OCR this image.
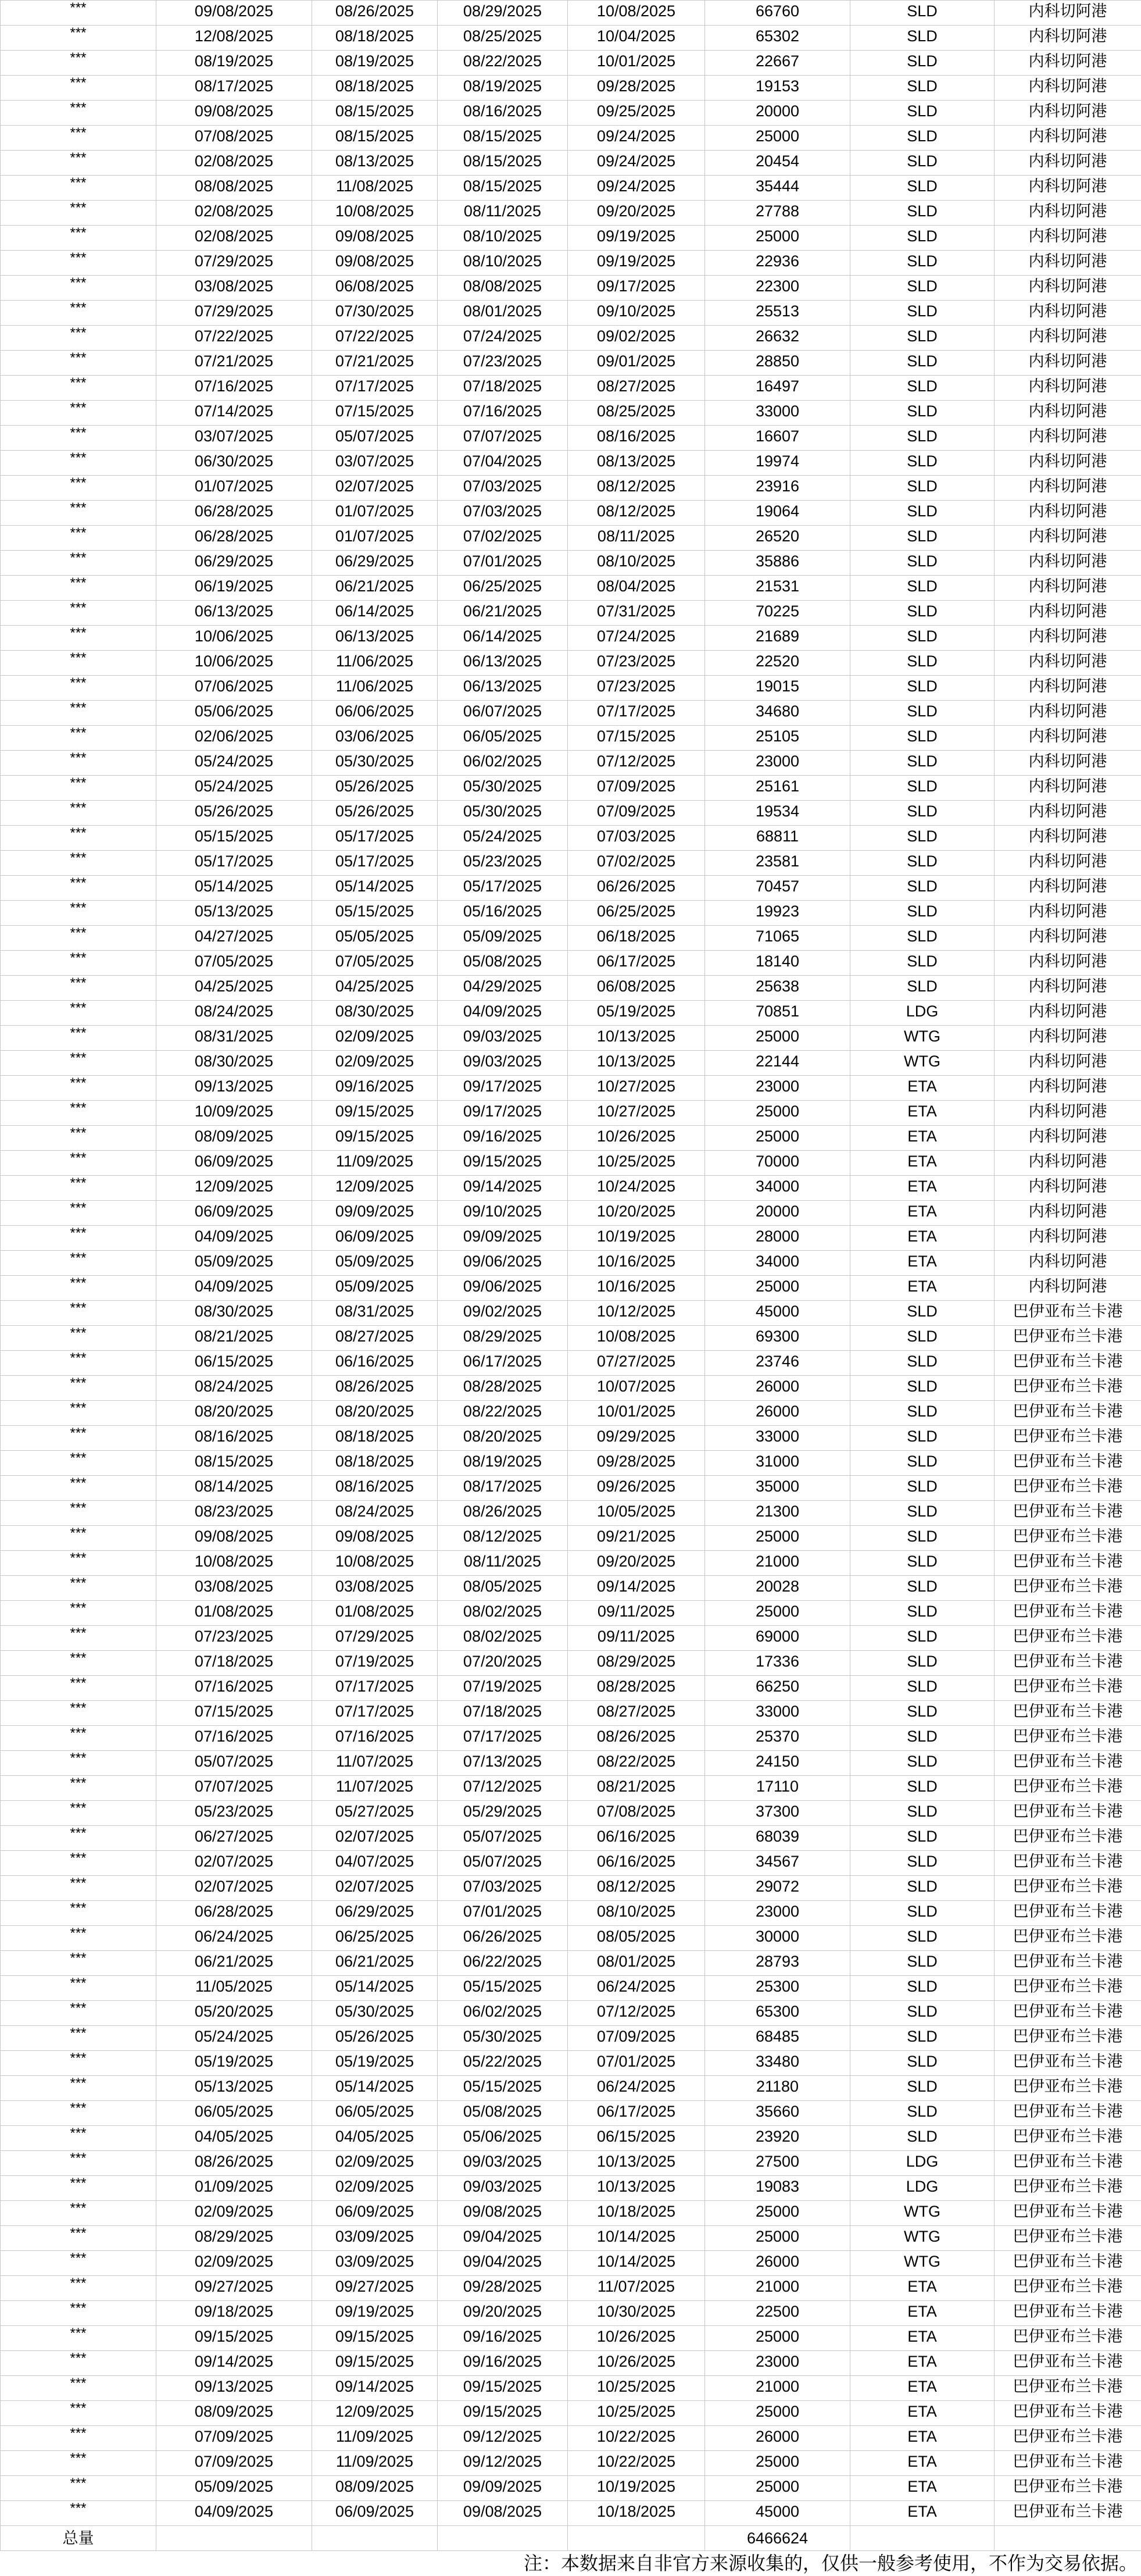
***	09/08/2025	08/26/2025	08/29/2025	10/08/2025	66760	SLD	内科切阿港
***	12/08/2025	08/18/2025	08/25/2025	10/04/2025	65302	SLD	内科切阿港
***	08/19/2025	08/19/2025	08/22/2025	10/01/2025	22667	SLD	内科切阿港
***	08/17/2025	08/18/2025	08/19/2025	09/28/2025	19153	SLD	内科切阿港
***	09/08/2025	08/15/2025	08/16/2025	09/25/2025	20000	SLD	内科切阿港
***	07/08/2025	08/15/2025	08/15/2025	09/24/2025	25000	SLD	内科切阿港
***	02/08/2025	08/13/2025	08/15/2025	09/24/2025	20454	SLD	内科切阿港
***	08/08/2025	11/08/2025	08/15/2025	09/24/2025	35444	SLD	内科切阿港
***	02/08/2025	10/08/2025	08/11/2025	09/20/2025	27788	SLD	内科切阿港
***	02/08/2025	09/08/2025	08/10/2025	09/19/2025	25000	SLD	内科切阿港
***	07/29/2025	09/08/2025	08/10/2025	09/19/2025	22936	SLD	内科切阿港
***	03/08/2025	06/08/2025	08/08/2025	09/17/2025	22300	SLD	内科切阿港
***	07/29/2025	07/30/2025	08/01/2025	09/10/2025	25513	SLD	内科切阿港
***	07/22/2025	07/22/2025	07/24/2025	09/02/2025	26632	SLD	内科切阿港
***	07/21/2025	07/21/2025	07/23/2025	09/01/2025	28850	SLD	内科切阿港
***	07/16/2025	07/17/2025	07/18/2025	08/27/2025	16497	SLD	内科切阿港
***	07/14/2025	07/15/2025	07/16/2025	08/25/2025	33000	SLD	内科切阿港
***	03/07/2025	05/07/2025	07/07/2025	08/16/2025	16607	SLD	内科切阿港
***	06/30/2025	03/07/2025	07/04/2025	08/13/2025	19974	SLD	内科切阿港
***	01/07/2025	02/07/2025	07/03/2025	08/12/2025	23916	SLD	内科切阿港
***	06/28/2025	01/07/2025	07/03/2025	08/12/2025	19064	SLD	内科切阿港
***	06/28/2025	01/07/2025	07/02/2025	08/11/2025	26520	SLD	内科切阿港
***	06/29/2025	06/29/2025	07/01/2025	08/10/2025	35886	SLD	内科切阿港
***	06/19/2025	06/21/2025	06/25/2025	08/04/2025	21531	SLD	内科切阿港
***	06/13/2025	06/14/2025	06/21/2025	07/31/2025	70225	SLD	内科切阿港
***	10/06/2025	06/13/2025	06/14/2025	07/24/2025	21689	SLD	内科切阿港
***	10/06/2025	11/06/2025	06/13/2025	07/23/2025	22520	SLD	内科切阿港
***	07/06/2025	11/06/2025	06/13/2025	07/23/2025	19015	SLD	内科切阿港
***	05/06/2025	06/06/2025	06/07/2025	07/17/2025	34680	SLD	内科切阿港
***	02/06/2025	03/06/2025	06/05/2025	07/15/2025	25105	SLD	内科切阿港
***	05/24/2025	05/30/2025	06/02/2025	07/12/2025	23000	SLD	内科切阿港
***	05/24/2025	05/26/2025	05/30/2025	07/09/2025	25161	SLD	内科切阿港
***	05/26/2025	05/26/2025	05/30/2025	07/09/2025	19534	SLD	内科切阿港
***	05/15/2025	05/17/2025	05/24/2025	07/03/2025	68811	SLD	内科切阿港
***	05/17/2025	05/17/2025	05/23/2025	07/02/2025	23581	SLD	内科切阿港
***	05/14/2025	05/14/2025	05/17/2025	06/26/2025	70457	SLD	内科切阿港
***	05/13/2025	05/15/2025	05/16/2025	06/25/2025	19923	SLD	内科切阿港
***	04/27/2025	05/05/2025	05/09/2025	06/18/2025	71065	SLD	内科切阿港
***	07/05/2025	07/05/2025	05/08/2025	06/17/2025	18140	SLD	内科切阿港
***	04/25/2025	04/25/2025	04/29/2025	06/08/2025	25638	SLD	内科切阿港
***	08/24/2025	08/30/2025	04/09/2025	05/19/2025	70851	LDG	内科切阿港
***	08/31/2025	02/09/2025	09/03/2025	10/13/2025	25000	WTG	内科切阿港
***	08/30/2025	02/09/2025	09/03/2025	10/13/2025	22144	WTG	内科切阿港
***	09/13/2025	09/16/2025	09/17/2025	10/27/2025	23000	ETA	内科切阿港
***	10/09/2025	09/15/2025	09/17/2025	10/27/2025	25000	ETA	内科切阿港
***	08/09/2025	09/15/2025	09/16/2025	10/26/2025	25000	ETA	内科切阿港
***	06/09/2025	11/09/2025	09/15/2025	10/25/2025	70000	ETA	内科切阿港
***	12/09/2025	12/09/2025	09/14/2025	10/24/2025	34000	ETA	内科切阿港
***	06/09/2025	09/09/2025	09/10/2025	10/20/2025	20000	ETA	内科切阿港
***	04/09/2025	06/09/2025	09/09/2025	10/19/2025	28000	ETA	内科切阿港
***	05/09/2025	05/09/2025	09/06/2025	10/16/2025	34000	ETA	内科切阿港
***	04/09/2025	05/09/2025	09/06/2025	10/16/2025	25000	ETA	内科切阿港
***	08/30/2025	08/31/2025	09/02/2025	10/12/2025	45000	SLD	巴伊亚布兰卡港
***	08/21/2025	08/27/2025	08/29/2025	10/08/2025	69300	SLD	巴伊亚布兰卡港
***	06/15/2025	06/16/2025	06/17/2025	07/27/2025	23746	SLD	巴伊亚布兰卡港
***	08/24/2025	08/26/2025	08/28/2025	10/07/2025	26000	SLD	巴伊亚布兰卡港
***	08/20/2025	08/20/2025	08/22/2025	10/01/2025	26000	SLD	巴伊亚布兰卡港
***	08/16/2025	08/18/2025	08/20/2025	09/29/2025	33000	SLD	巴伊亚布兰卡港
***	08/15/2025	08/18/2025	08/19/2025	09/28/2025	31000	SLD	巴伊亚布兰卡港
***	08/14/2025	08/16/2025	08/17/2025	09/26/2025	35000	SLD	巴伊亚布兰卡港
***	08/23/2025	08/24/2025	08/26/2025	10/05/2025	21300	SLD	巴伊亚布兰卡港
***	09/08/2025	09/08/2025	08/12/2025	09/21/2025	25000	SLD	巴伊亚布兰卡港
***	10/08/2025	10/08/2025	08/11/2025	09/20/2025	21000	SLD	巴伊亚布兰卡港
***	03/08/2025	03/08/2025	08/05/2025	09/14/2025	20028	SLD	巴伊亚布兰卡港
***	01/08/2025	01/08/2025	08/02/2025	09/11/2025	25000	SLD	巴伊亚布兰卡港
***	07/23/2025	07/29/2025	08/02/2025	09/11/2025	69000	SLD	巴伊亚布兰卡港
***	07/18/2025	07/19/2025	07/20/2025	08/29/2025	17336	SLD	巴伊亚布兰卡港
***	07/16/2025	07/17/2025	07/19/2025	08/28/2025	66250	SLD	巴伊亚布兰卡港
***	07/15/2025	07/17/2025	07/18/2025	08/27/2025	33000	SLD	巴伊亚布兰卡港
***	07/16/2025	07/16/2025	07/17/2025	08/26/2025	25370	SLD	巴伊亚布兰卡港
***	05/07/2025	11/07/2025	07/13/2025	08/22/2025	24150	SLD	巴伊亚布兰卡港
***	07/07/2025	11/07/2025	07/12/2025	08/21/2025	17110	SLD	巴伊亚布兰卡港
***	05/23/2025	05/27/2025	05/29/2025	07/08/2025	37300	SLD	巴伊亚布兰卡港
***	06/27/2025	02/07/2025	05/07/2025	06/16/2025	68039	SLD	巴伊亚布兰卡港
***	02/07/2025	04/07/2025	05/07/2025	06/16/2025	34567	SLD	巴伊亚布兰卡港
***	02/07/2025	02/07/2025	07/03/2025	08/12/2025	29072	SLD	巴伊亚布兰卡港
***	06/28/2025	06/29/2025	07/01/2025	08/10/2025	23000	SLD	巴伊亚布兰卡港
***	06/24/2025	06/25/2025	06/26/2025	08/05/2025	30000	SLD	巴伊亚布兰卡港
***	06/21/2025	06/21/2025	06/22/2025	08/01/2025	28793	SLD	巴伊亚布兰卡港
***	11/05/2025	05/14/2025	05/15/2025	06/24/2025	25300	SLD	巴伊亚布兰卡港
***	05/20/2025	05/30/2025	06/02/2025	07/12/2025	65300	SLD	巴伊亚布兰卡港
***	05/24/2025	05/26/2025	05/30/2025	07/09/2025	68485	SLD	巴伊亚布兰卡港
***	05/19/2025	05/19/2025	05/22/2025	07/01/2025	33480	SLD	巴伊亚布兰卡港
***	05/13/2025	05/14/2025	05/15/2025	06/24/2025	21180	SLD	巴伊亚布兰卡港
***	06/05/2025	06/05/2025	05/08/2025	06/17/2025	35660	SLD	巴伊亚布兰卡港
***	04/05/2025	04/05/2025	05/06/2025	06/15/2025	23920	SLD	巴伊亚布兰卡港
***	08/26/2025	02/09/2025	09/03/2025	10/13/2025	27500	LDG	巴伊亚布兰卡港
***	01/09/2025	02/09/2025	09/03/2025	10/13/2025	19083	LDG	巴伊亚布兰卡港
***	02/09/2025	06/09/2025	09/08/2025	10/18/2025	25000	WTG	巴伊亚布兰卡港
***	08/29/2025	03/09/2025	09/04/2025	10/14/2025	25000	WTG	巴伊亚布兰卡港
***	02/09/2025	03/09/2025	09/04/2025	10/14/2025	26000	WTG	巴伊亚布兰卡港
***	09/27/2025	09/27/2025	09/28/2025	11/07/2025	21000	ETA	巴伊亚布兰卡港
***	09/18/2025	09/19/2025	09/20/2025	10/30/2025	22500	ETA	巴伊亚布兰卡港
***	09/15/2025	09/15/2025	09/16/2025	10/26/2025	25000	ETA	巴伊亚布兰卡港
***	09/14/2025	09/15/2025	09/16/2025	10/26/2025	23000	ETA	巴伊亚布兰卡港
***	09/13/2025	09/14/2025	09/15/2025	10/25/2025	21000	ETA	巴伊亚布兰卡港
***	08/09/2025	12/09/2025	09/15/2025	10/25/2025	25000	ETA	巴伊亚布兰卡港
***	07/09/2025	11/09/2025	09/12/2025	10/22/2025	26000	ETA	巴伊亚布兰卡港
***	07/09/2025	11/09/2025	09/12/2025	10/22/2025	25000	ETA	巴伊亚布兰卡港
***	05/09/2025	08/09/2025	09/09/2025	10/19/2025	25000	ETA	巴伊亚布兰卡港
***	04/09/2025	06/09/2025	09/08/2025	10/18/2025	45000	ETA	巴伊亚布兰卡港
总量					6466624		
注：本数据来自非官方来源收集的，仅供一般参考使用，不作为交易依据。
